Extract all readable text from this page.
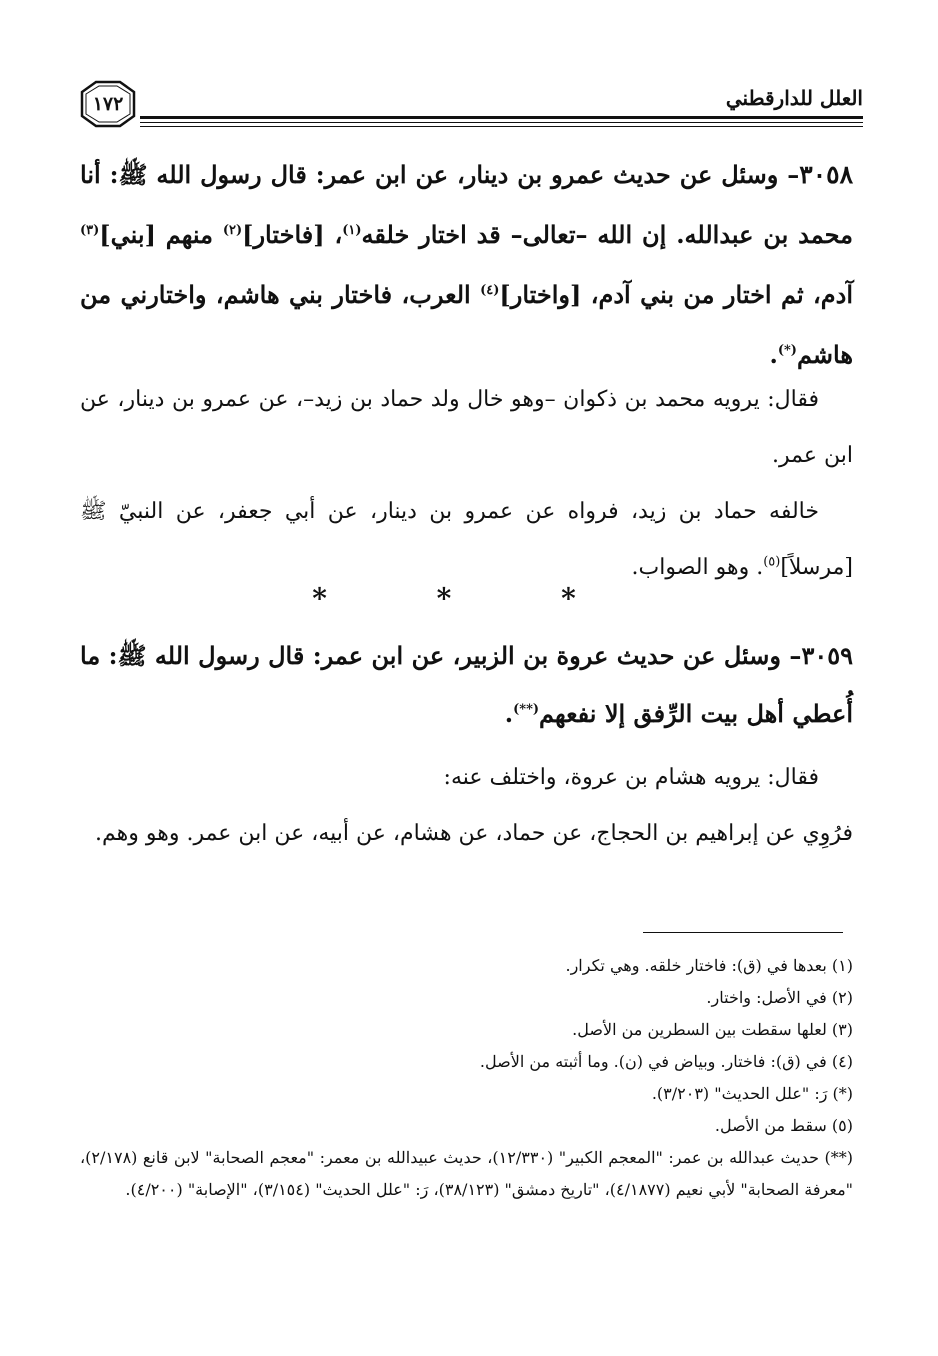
١٧٢	العلل للدارقطني
٣٠٥٨– وسئل عن حديث عمرو بن دينار، عن ابن عمر: قال رسول الله ﷺ: أنا محمد بن عبدالله. إن الله –تعالى– قد اختار خلقه$^{(١)}$، [فاختار]$^{(٢)}$ منهم [بني]$^{(٣)}$ آدم، ثم اختار من بني آدم، [واختار]$^{(٤)}$ العرب، فاختار بني هاشم، واختارني من هاشم(*).
فقال: يرويه محمد بن ذكوان –وهو خال ولد حماد بن زيد–، عن عمرو بن دينار، عن ابن عمر.
خالفه حماد بن زيد، فرواه عن عمرو بن دينار، عن أبي جعفر، عن النبيّ ﷺ [مرسلاً]$^{(٥)}$. وهو الصواب.
* * *
٣٠٥٩– وسئل عن حديث عروة بن الزبير، عن ابن عمر: قال رسول الله ﷺ: ما أُعطي أهل بيت الرِّفق إلا نفعهم(**).
فقال: يرويه هشام بن عروة، واختلف عنه:
فرُوِي عن إبراهيم بن الحجاج، عن حماد، عن هشام، عن أبيه، عن ابن عمر. وهو وهم.
(١) بعدها في (ق): فاختار خلقه. وهي تكرار.
(٢) في الأصل: واختار.
(٣) لعلها سقطت بين السطرين من الأصل.
(٤) في (ق): فاختار. وبياض في (ن). وما أثبته من الأصل.
(*) رَ: "علل الحديث" (٣/٢٠٣).
(٥) سقط من الأصل.
(**) حديث عبدالله بن عمر: "المعجم الكبير" (١٢/٣٣٠)، حديث عبيدالله بن معمر: "معجم الصحابة" لابن قانع (٢/١٧٨)، "معرفة الصحابة" لأبي نعيم (٤/١٨٧٧)، "تاريخ دمشق" (٣٨/١٢٣)، رَ: "علل الحديث" (٣/١٥٤)، "الإصابة" (٤/٢٠٠).
